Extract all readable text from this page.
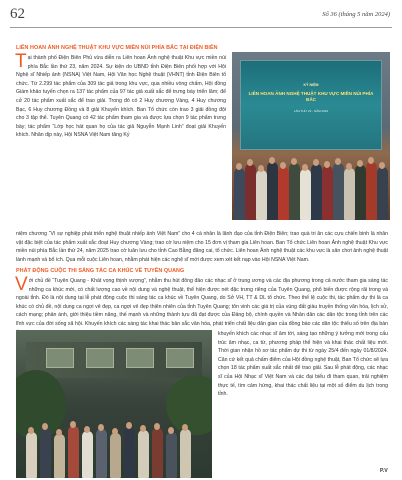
62	Số 36 (tháng 5 năm 2024)
LIÊN HOAN ẢNH NGHỆ THUẬT KHU VỰC MIỀN NÚI PHÍA BẮC TẠI ĐIỆN BIÊN
Tại thành phố Điện Biên Phủ vừa diễn ra Liên hoan Ảnh nghệ thuật Khu vực miền núi phía Bắc lần thứ 23, năm 2024. Sự kiện do UBND tỉnh Điện Biên phối hợp với Hội Nghệ sĩ Nhiếp ảnh (NSNA) Việt Nam, Hội Văn học Nghệ thuật (VHNT) tỉnh Điện Biên tổ chức. Từ 2.299 tác phẩm của 309 tác giả trong khu vực, qua nhiều vòng chấm, Hội đồng Giám khảo tuyển chọn ra 137 tác phẩm của 97 tác giả xuất sắc để trưng bày triển lãm; để cử 20 tác phẩm xuất sắc để trao giải. Trong đó có 2 Huy chương Vàng, 4 Huy chương Bạc, 6 Huy chương Đồng và 8 giải Khuyến khích. Ban Tổ chức còn trao 3 giải đồng đội cho 3 tập thể. Tuyên Quang có 42 tác phẩm tham gia và được lựa chọn 9 tác phẩm trưng bày; tác phẩm “Lớp học hát quan họ của tác giả Nguyễn Mạnh Linh” đoạt giải Khuyến khích. Nhân dịp này, Hội NSNA Việt Nam tăng Kỷ
KỶ NIỆM
LIÊN HOAN ẢNH NGHỆ THUẬT KHU VỰC MIỀN NÚI PHÍA BẮC
LẦN THỨ 23 - NĂM 2024
niệm chương “Vì sự nghiệp phát triển nghệ thuật nhiếp ảnh Việt Nam” cho 4 cá nhân là lãnh đạo của tỉnh Điện Biên; trao quà tri ân các cựu chiến binh là nhân vật đặc biệt của tác phẩm xuất sắc đoạt Huy chương Vàng; trao cờ lưu niệm cho 15 đơn vị tham gia Liên hoan. Ban Tổ chức Liên hoan Ảnh nghệ thuật Khu vực miền núi phía Bắc lần thứ 24, năm 2025 trao cờ luân lưu cho tỉnh Cao Bằng đăng cai, tổ chức. Liên hoan Ảnh nghệ thuật các khu vực là sân chơi ảnh nghệ thuật lành mạnh và bổ ích. Qua mỗi cuộc Liên hoan, nhằm phát hiện các nghệ sĩ mới được xem xét kết nạp vào Hội NSNA Việt Nam.
PHÁT ĐỘNG CUỘC THI SÁNG TÁC CA KHÚC VỀ TUYÊN QUANG
Với chủ đề “Tuyên Quang - Khát vọng thịnh vượng”, nhằm thu hút đông đảo các nhạc sĩ ở trung ương và các địa phương trong cả nước tham gia sáng tác những ca khúc mới, có chất lượng cao về nội dung và nghệ thuật, thể hiện được nét đặc trưng riêng của Tuyên Quang, phổ biến được rộng rãi trong và ngoài tỉnh. Đó là nội dung tại lễ phát động cuộc thi sáng tác ca khúc về Tuyên Quang, do Sở VH, TT & DL tổ chức. Theo thể lệ cuộc thi, tác phẩm dự thi là ca khúc có chủ đề, nội dung ca ngợi vẻ đẹp, ca ngợi vẻ đẹp thiên nhiên của tỉnh Tuyên Quang; tôn vinh các giá trị của vùng đất giàu truyền thống văn hóa, lịch sử, cách mạng; phản ánh, giới thiệu tiềm năng, thế mạnh và những thành tựu đã đạt được của Đảng bộ, chính quyền và Nhân dân các dân tộc trong tỉnh trên các lĩnh vực của đời sống xã hội. Khuyến khích các sáng tác khai thác bản sắc văn hóa, phát triển chất liệu dân gian của đồng bào các dân tộc thiểu số trên địa bàn
khuyến khích các nhạc sĩ âm tới, sáng tạo những ý tưởng mới trong cấu trúc âm nhạc, ca từ, phương pháp thể hiện và khai thác chất liệu mới. Thời gian nhận hồ sơ tác phẩm dự thi từ ngày 25/4 đến ngày 01/8/2024. Căn cứ kết quả chấm điểm của Hội đồng nghệ thuật, Ban Tổ chức sẽ lựa chọn 18 tác phẩm xuất sắc nhất để trao giải. Sau lễ phát động, các nhạc sĩ của Hội Nhạc sĩ Việt Nam và các đại biểu đi tham quan, trải nghiệm thực tế, tìm cảm hứng, khai thác chất liệu tại một số điểm du lịch trong tỉnh.
P.V
